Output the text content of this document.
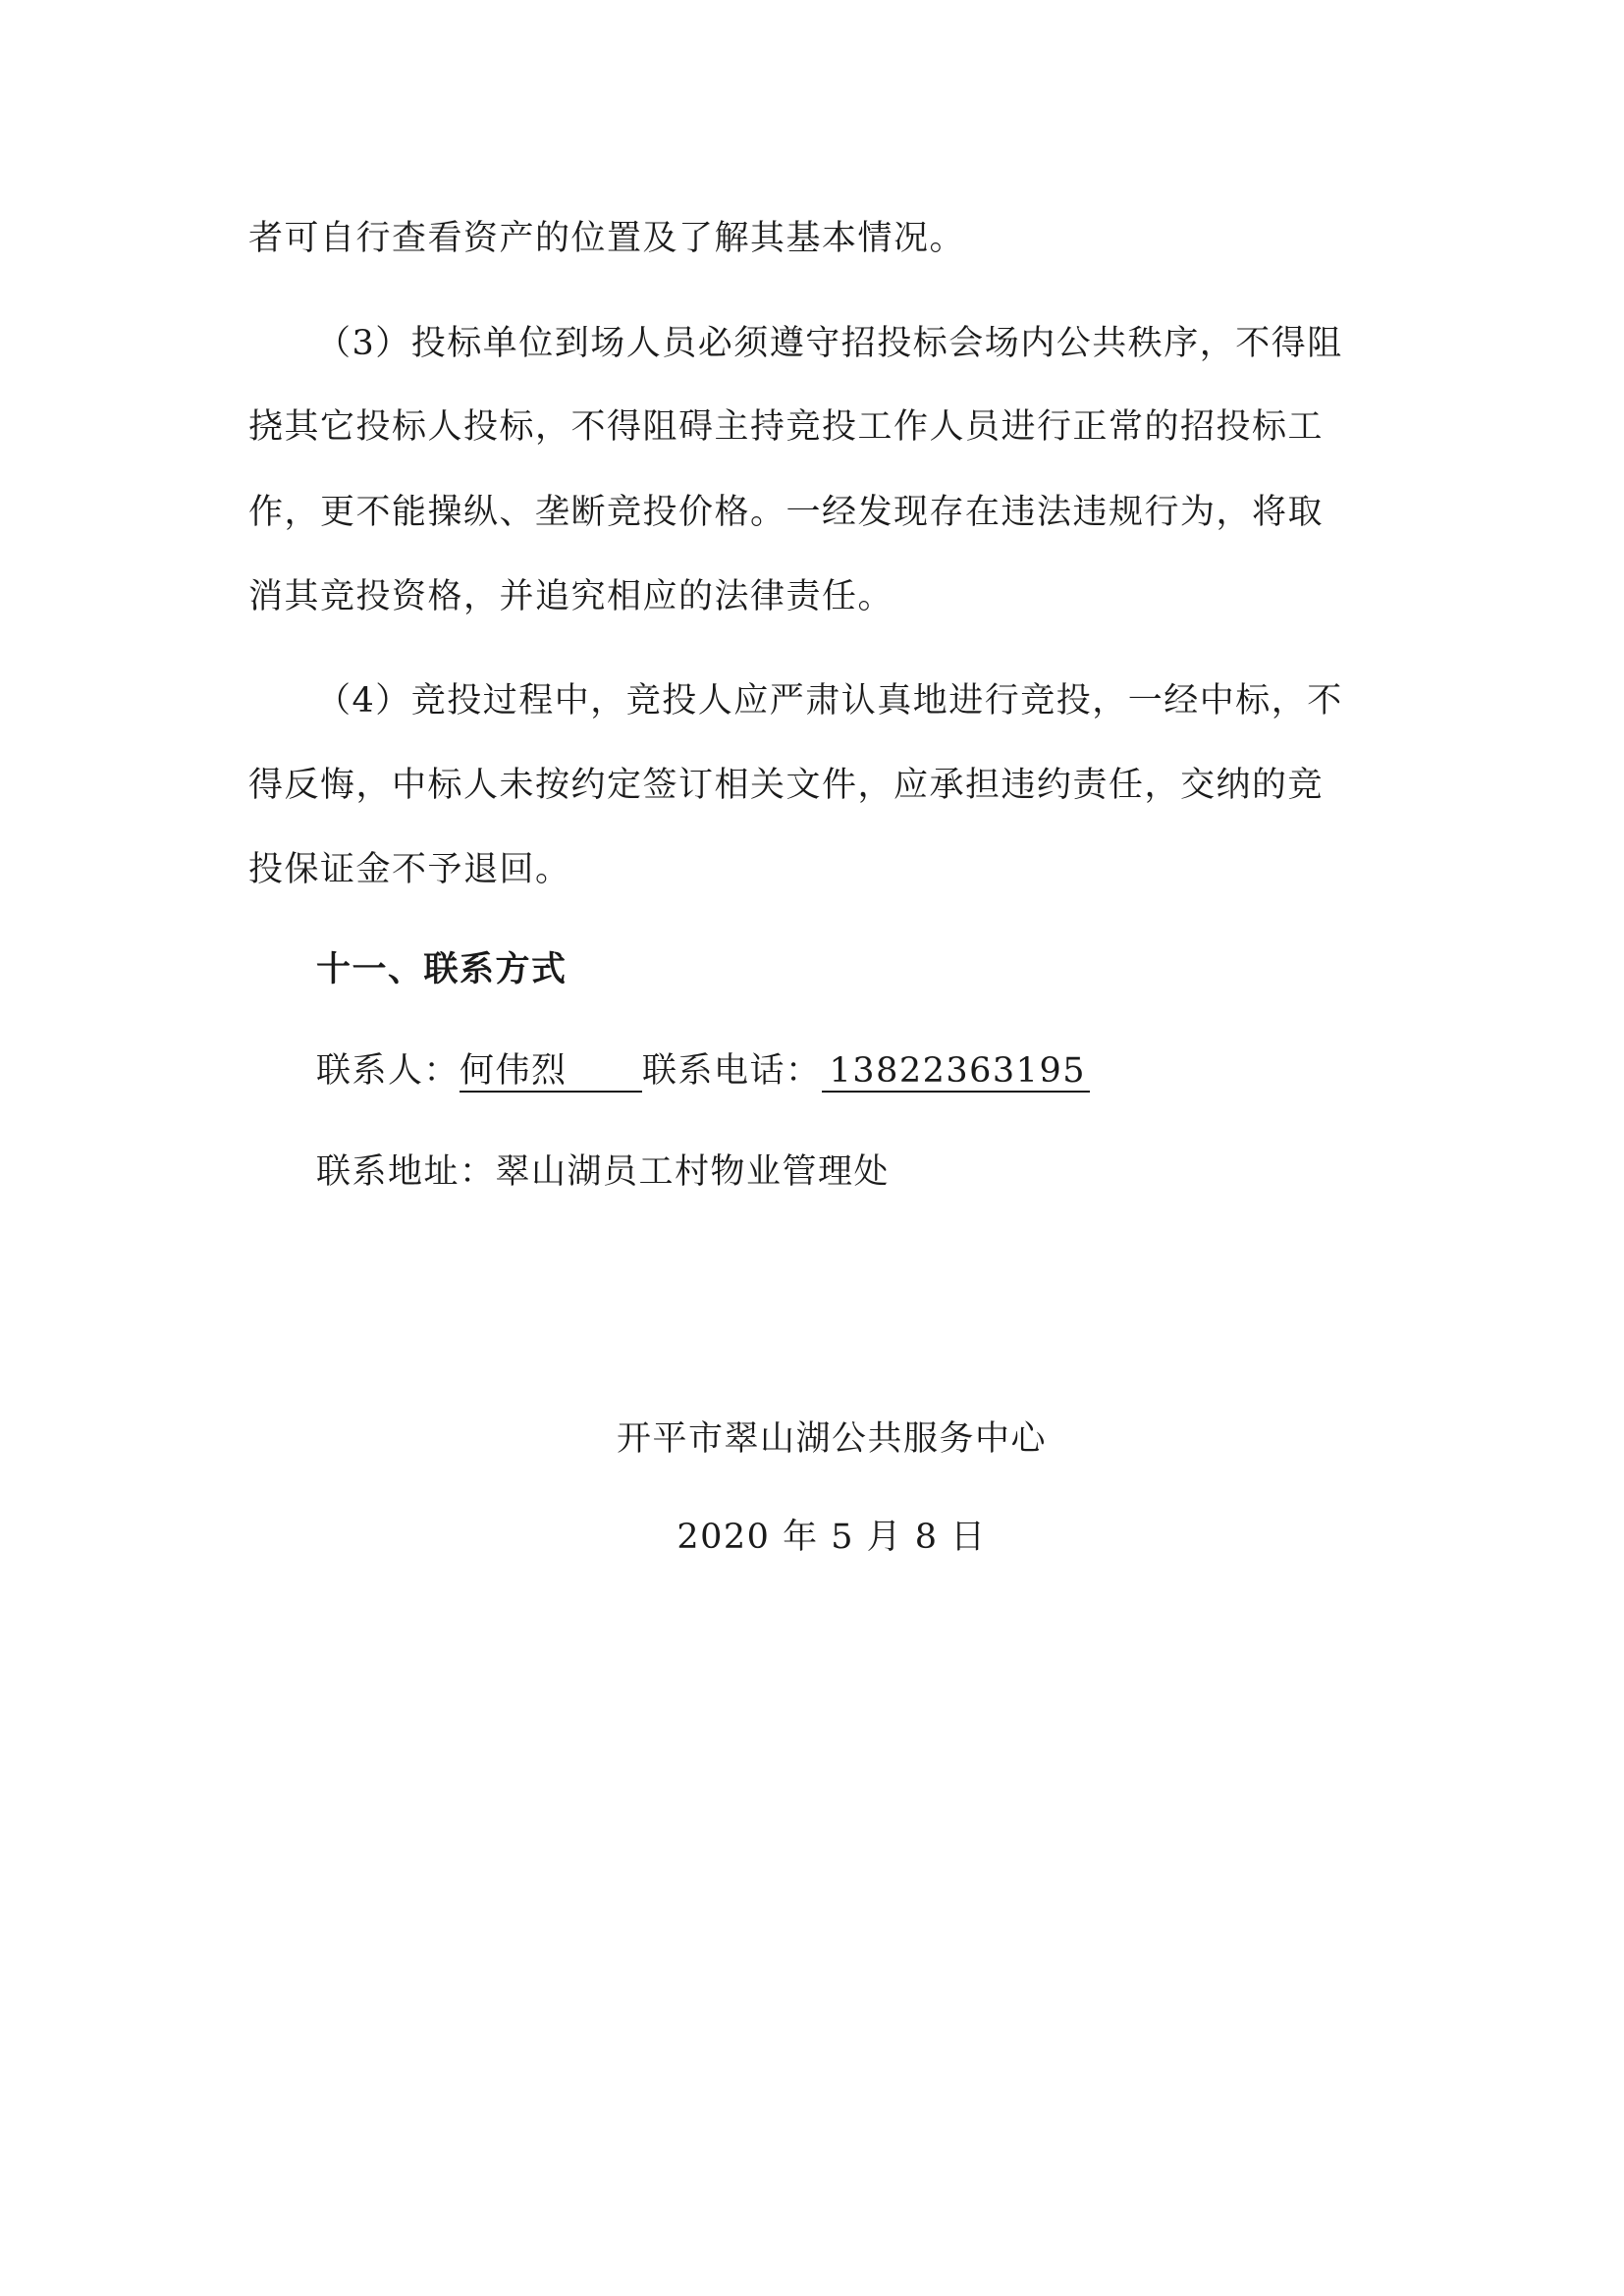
者可自行查看资产的位置及了解其基本情况。
（3）投标单位到场人员必须遵守招投标会场内公共秩序，不得阻
挠其它投标人投标，不得阻碍主持竞投工作人员进行正常的招投标工
作，更不能操纵、垄断竞投价格。一经发现存在违法违规行为，将取
消其竞投资格，并追究相应的法律责任。
（4）竞投过程中，竞投人应严肃认真地进行竞投，一经中标，不
得反悔，中标人未按约定签订相关文件，应承担违约责任，交纳的竞
投保证金不予退回。
十一、联系方式
联系人：何伟烈 联系电话： 13822363195
联系地址：翠山湖员工村物业管理处
开平市翠山湖公共服务中心
2020 年 5 月 8 日
